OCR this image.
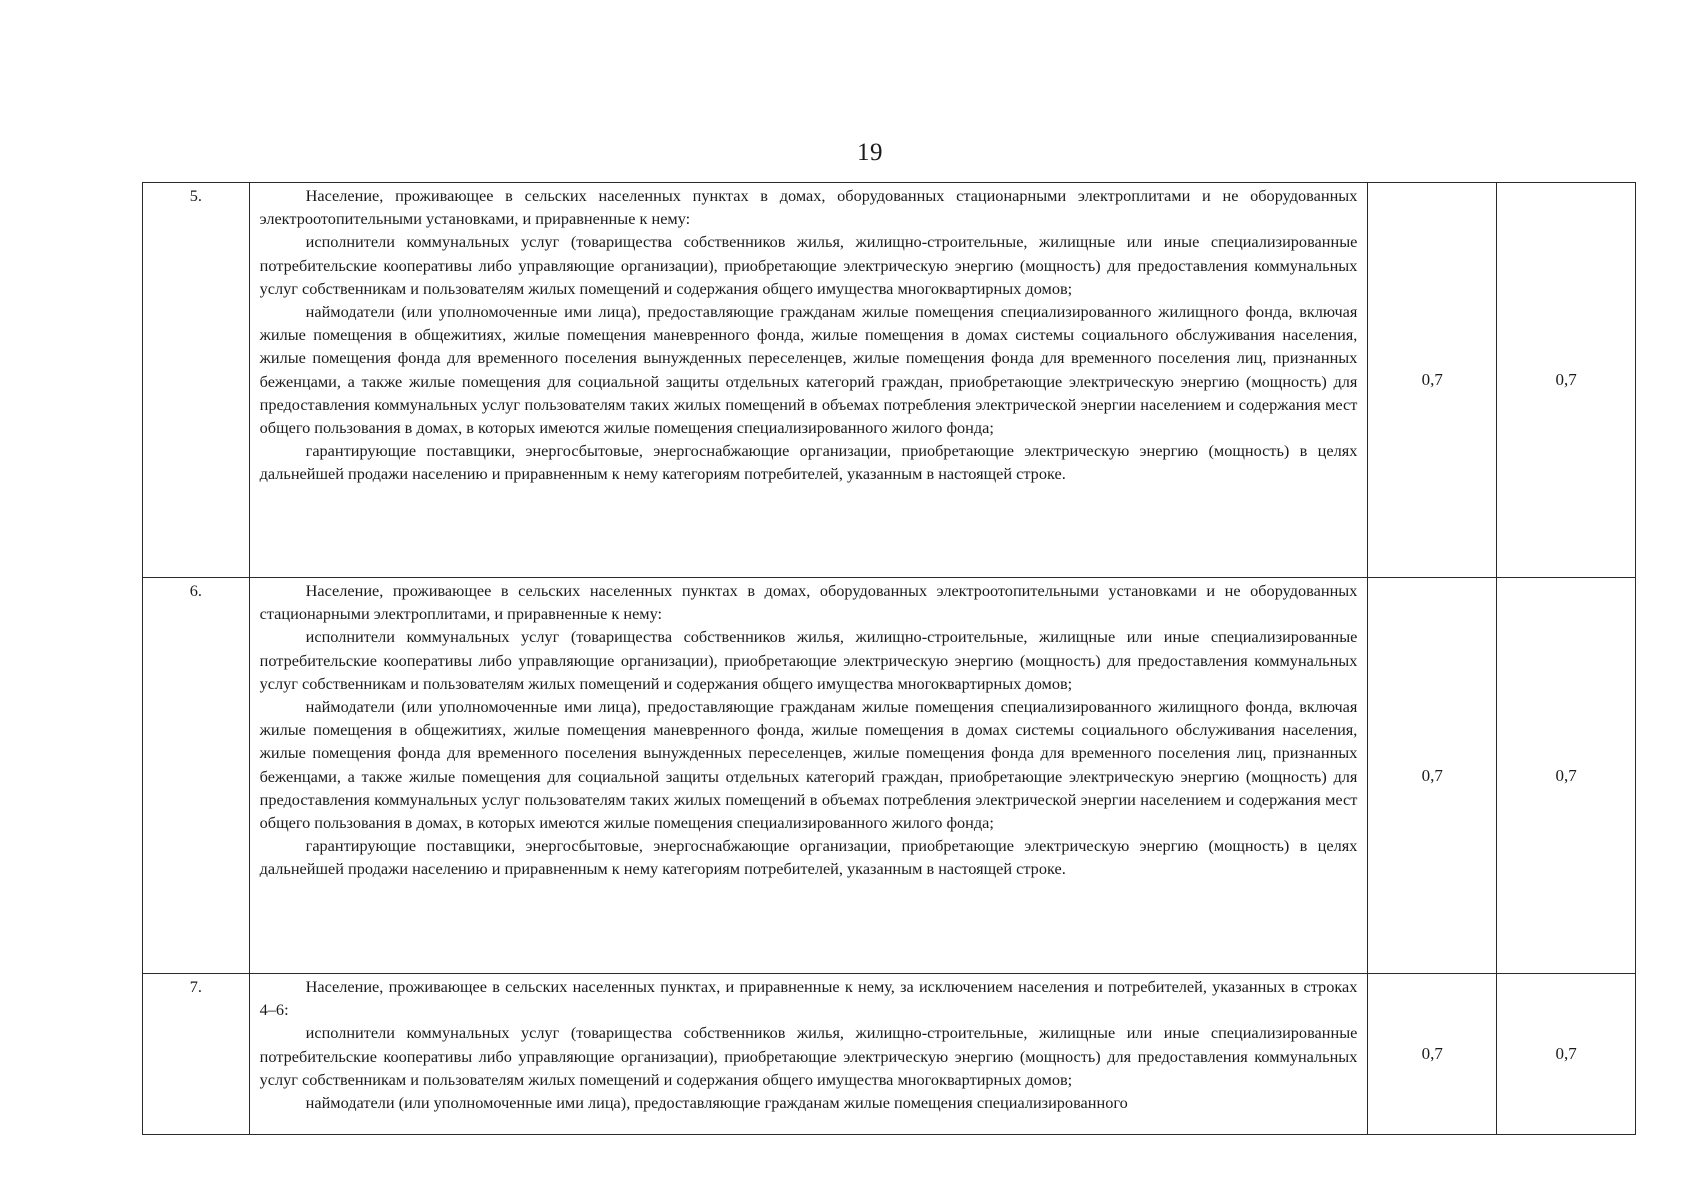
19
5.	Население, проживающее в сельских населенных пунктах в домах, оборудованных стационарными электроплитами и не оборудованных электроотопительными установками, и приравненные к нему:

исполнители коммунальных услуг (товарищества собственников жилья, жилищно-строительные, жилищные или иные специализированные потребительские кооперативы либо управляющие организации), приобретающие электрическую энергию (мощность) для предоставления коммунальных услуг собственникам и пользователям жилых помещений и содержания общего имущества многоквартирных домов;

наймодатели (или уполномоченные ими лица), предоставляющие гражданам жилые помещения специализированного жилищного фонда, включая жилые помещения в общежитиях, жилые помещения маневренного фонда, жилые помещения в домах системы социального обслуживания населения, жилые помещения фонда для временного поселения вынужденных переселенцев, жилые помещения фонда для временного поселения лиц, признанных беженцами, а также жилые помещения для социальной защиты отдельных категорий граждан, приобретающие электрическую энергию (мощность) для предоставления коммунальных услуг пользователям таких жилых помещений в объемах потребления электрической энергии населением и содержания мест общего пользования в домах, в которых имеются жилые помещения специализированного жилого фонда;

гарантирующие поставщики, энергосбытовые, энергоснабжающие организации, приобретающие электрическую энергию (мощность) в целях дальнейшей продажи населению и приравненным к нему категориям потребителей, указанным в настоящей строке.	0,7	0,7
6.	Население, проживающее в сельских населенных пунктах в домах, оборудованных электроотопительными установками и не оборудованных стационарными электроплитами, и приравненные к нему:

исполнители коммунальных услуг (товарищества собственников жилья, жилищно-строительные, жилищные или иные специализированные потребительские кооперативы либо управляющие организации), приобретающие электрическую энергию (мощность) для предоставления коммунальных услуг собственникам и пользователям жилых помещений и содержания общего имущества многоквартирных домов;

наймодатели (или уполномоченные ими лица), предоставляющие гражданам жилые помещения специализированного жилищного фонда, включая жилые помещения в общежитиях, жилые помещения маневренного фонда, жилые помещения в домах системы социального обслуживания населения, жилые помещения фонда для временного поселения вынужденных переселенцев, жилые помещения фонда для временного поселения лиц, признанных беженцами, а также жилые помещения для социальной защиты отдельных категорий граждан, приобретающие электрическую энергию (мощность) для предоставления коммунальных услуг пользователям таких жилых помещений в объемах потребления электрической энергии населением и содержания мест общего пользования в домах, в которых имеются жилые помещения специализированного жилого фонда;

гарантирующие поставщики, энергосбытовые, энергоснабжающие организации, приобретающие электрическую энергию (мощность) в целях дальнейшей продажи населению и приравненным к нему категориям потребителей, указанным в настоящей строке.	0,7	0,7
7.	Население, проживающее в сельских населенных пунктах, и приравненные к нему, за исключением населения и потребителей, указанных в строках 4–6:

исполнители коммунальных услуг (товарищества собственников жилья, жилищно-строительные, жилищные или иные специализированные потребительские кооперативы либо управляющие организации), приобретающие электрическую энергию (мощность) для предоставления коммунальных услуг собственникам и пользователям жилых помещений и содержания общего имущества многоквартирных домов;

наймодатели (или уполномоченные ими лица), предоставляющие гражданам жилые помещения специализированного	0,7	0,7
